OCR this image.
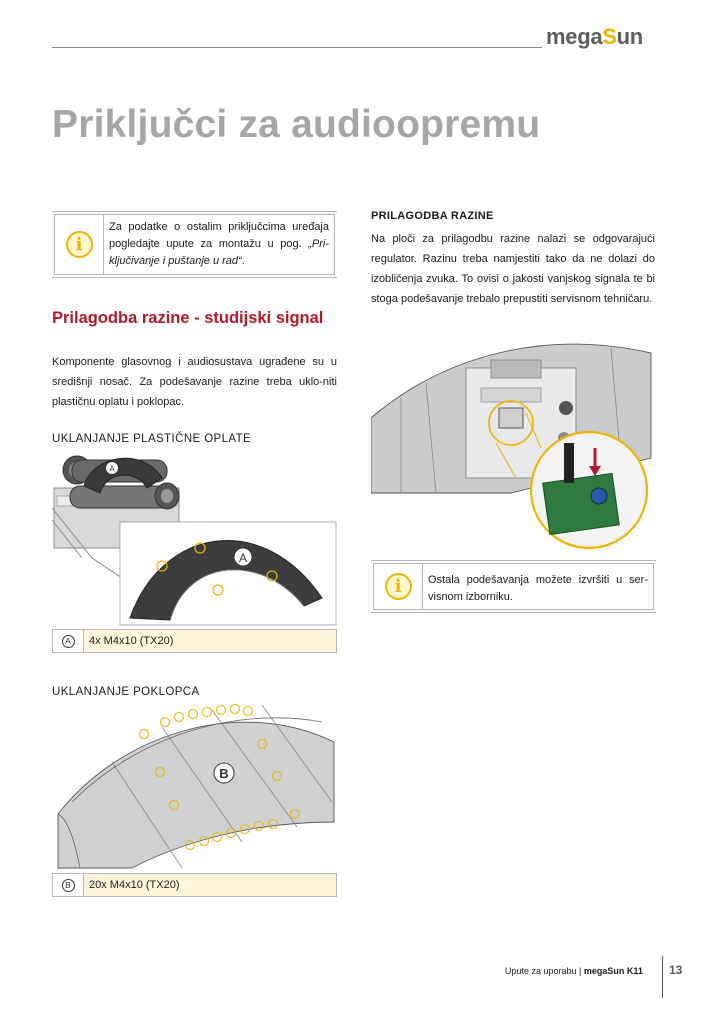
megaSun
Priključci za audioopremu
i
Za podatke o ostalim priključcima uređaja pogledajte upute za montažu u pog. „Pri-ključivanje i puštanje u rad“.
Prilagodba razine - studijski signal

Komponente glasovnog i audiosustava ugrađene su u središnji nosač. Za podešavanje razine treba uklo-niti plastičnu oplatu i poklopac.

UKLANJANJE PLASTIČNE OPLATE
A
A
A	4x M4x10 (TX20)
UKLANJANJE POKLOPCA
B
B	20x M4x10 (TX20)
PRILAGODBA RAZINE

Na ploči za prilagodbu razine nalazi se odgovarajući regulator. Razinu treba namjestiti tako da ne dolazi do izobličenja zvuka. To ovisi o jakosti vanjskog signala te bi stoga podešavanje trebalo prepustiti servisnom tehničaru.

i	Ostala podešavanja možete izvršiti u ser-visnom izborniku.
Upute za uporabu | megaSun K11 13
